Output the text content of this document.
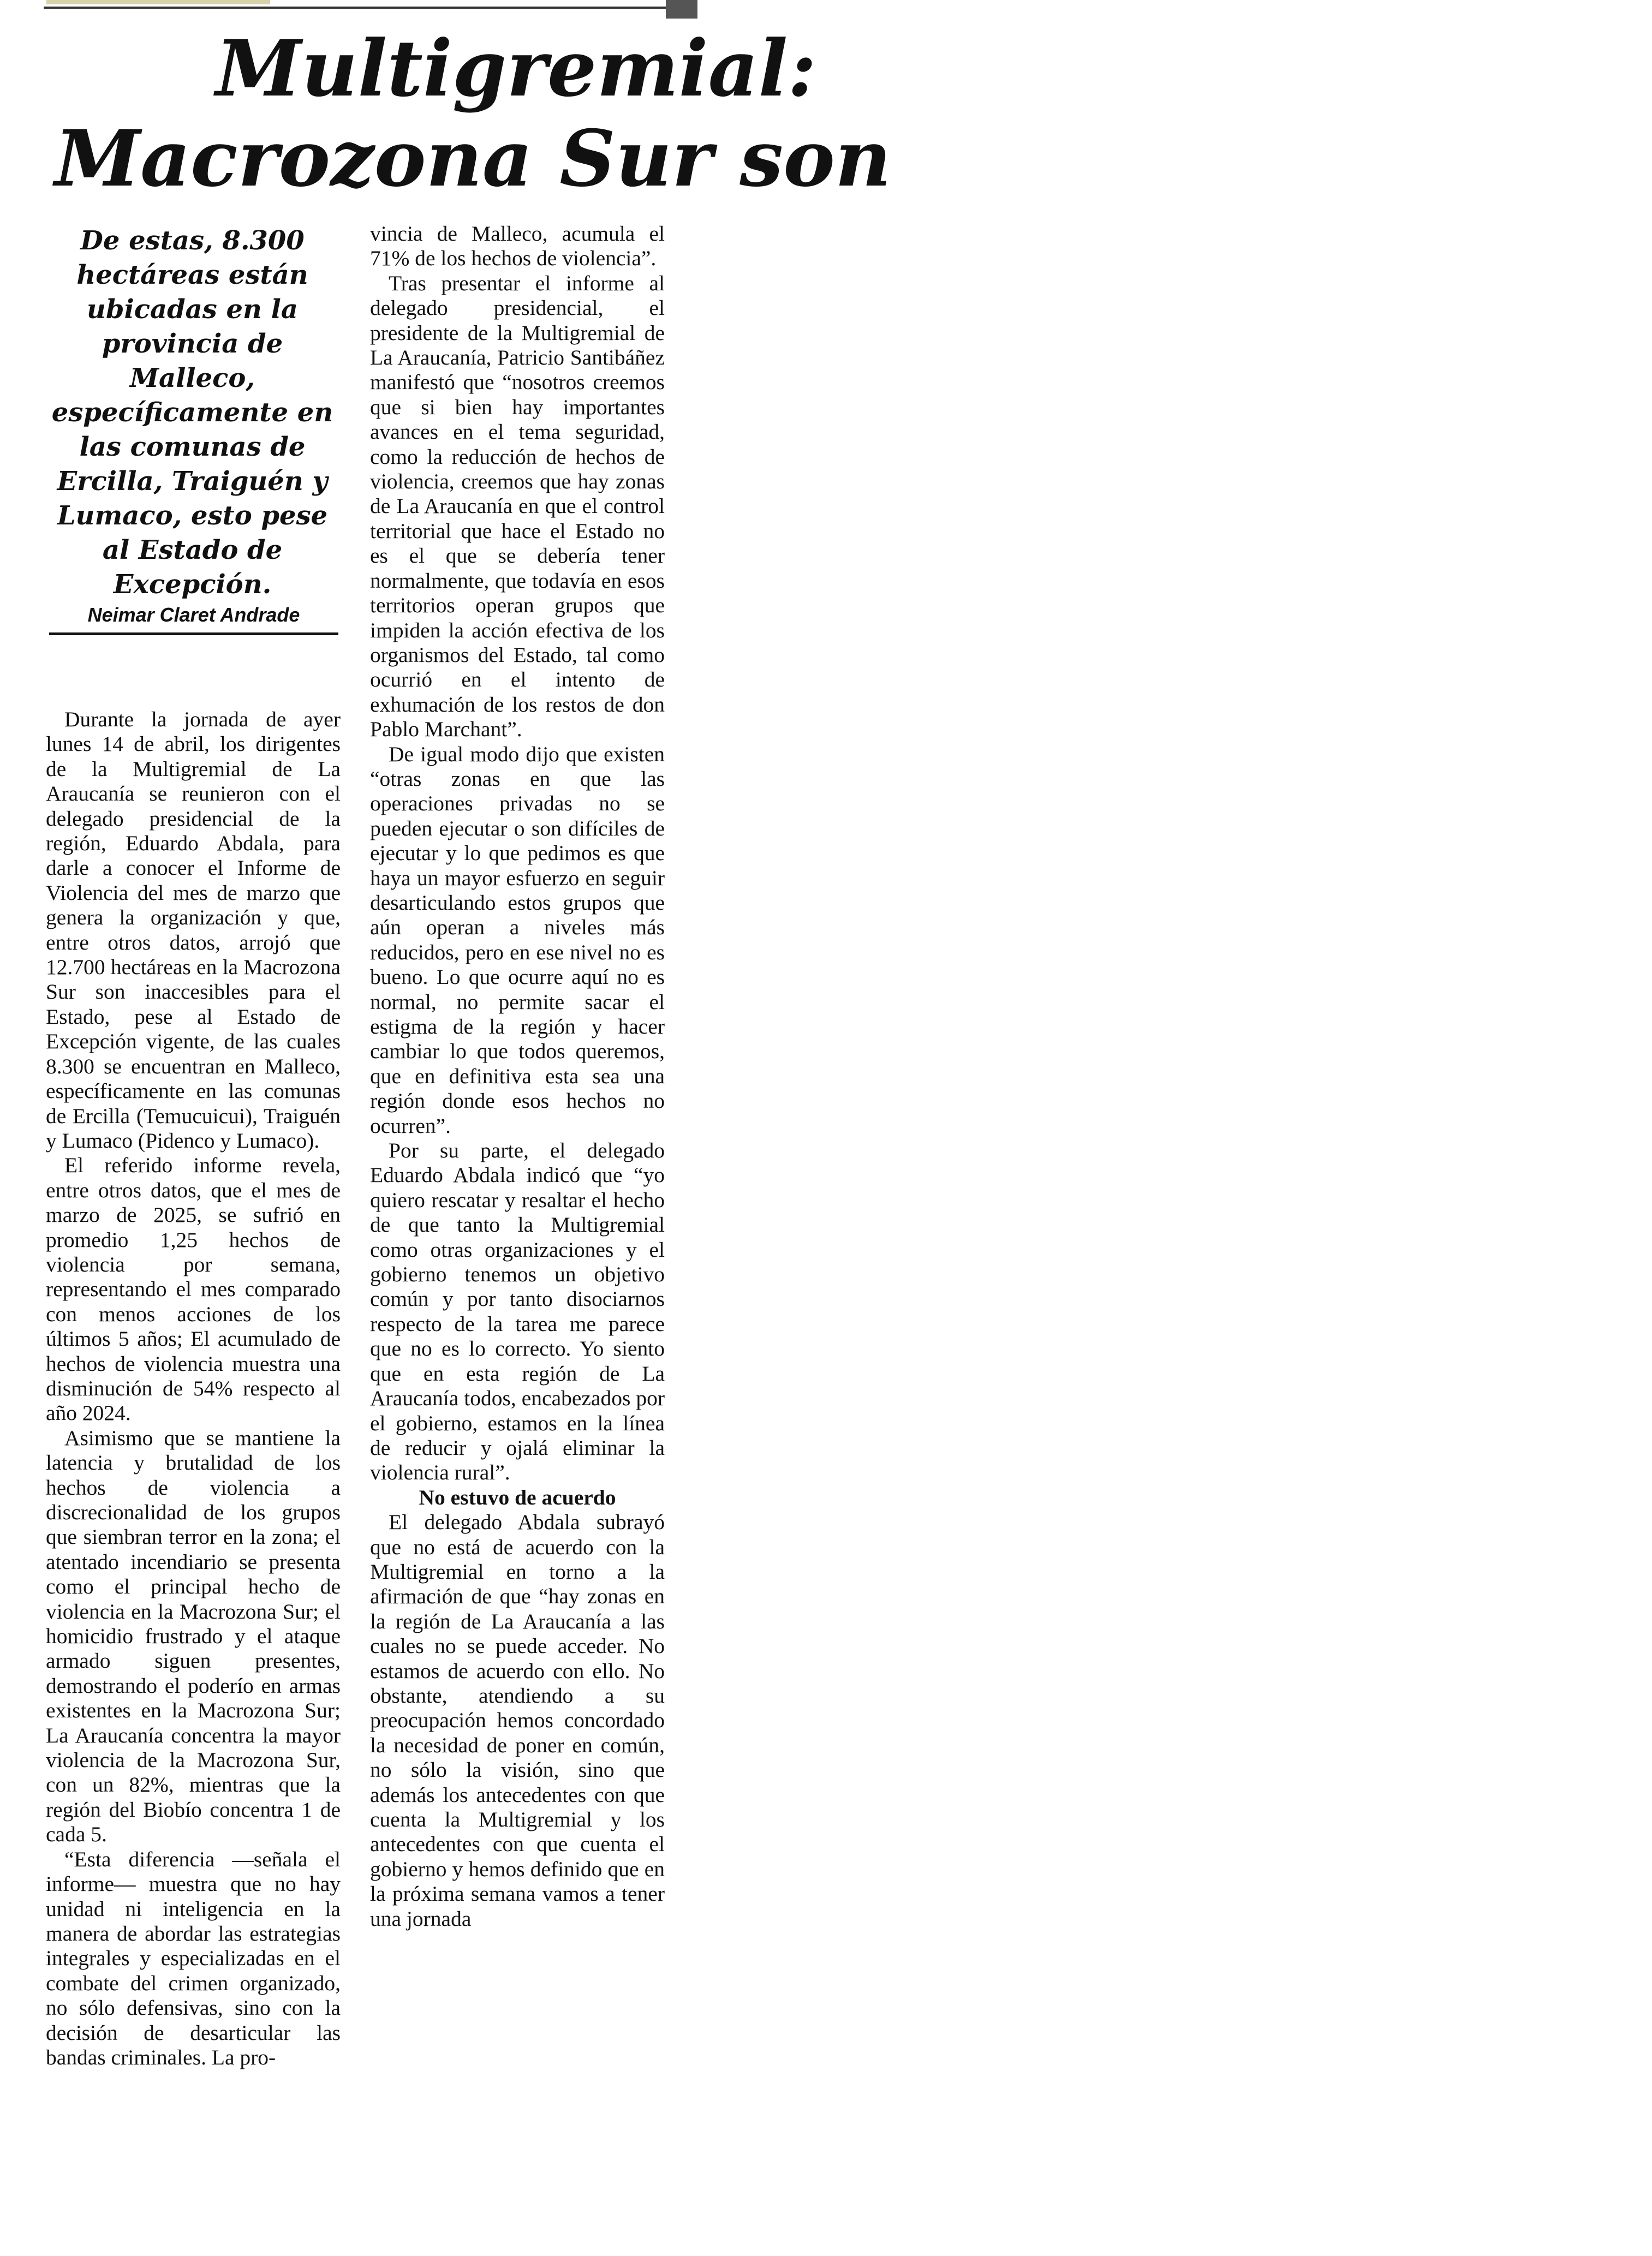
Multigremial:
Macrozona Sur son

De estas, 8.300 hectáreas están ubicadas en la provincia de Malleco, específicamente en las comunas de Ercilla, Traiguén y Lumaco, esto pese al Estado de Excepción.

Neimar Claret Andrade

Durante la jornada de ayer lunes 14 de abril, los dirigentes de la Multigremial de La Araucanía se reunieron con el delegado presidencial de la región, Eduardo Abdala, para darle a conocer el Informe de Violencia del mes de marzo que genera la organización y que, entre otros datos, arrojó que 12.700 hectáreas en la Macrozona Sur son inaccesibles para el Estado, pese al Estado de Excepción vigente, de las cuales 8.300 se encuentran en Malleco, específicamente en las comunas de Ercilla (Temucuicui), Traiguén y Lumaco (Pidenco y Lumaco).

El referido informe revela, entre otros datos, que el mes de marzo de 2025, se sufrió en promedio 1,25 hechos de violencia por semana, representando el mes comparado con menos acciones de los últimos 5 años; El acumulado de hechos de violencia muestra una disminución de 54% respecto al año 2024.

Asimismo que se mantiene la latencia y brutalidad de los hechos de violencia a discrecionalidad de los grupos que siembran terror en la zona; el atentado incendiario se presenta como el principal hecho de violencia en la Macrozona Sur; el homicidio frustrado y el ataque armado siguen presentes, demostrando el poderío en armas existentes en la Macrozona Sur; La Araucanía concentra la mayor violencia de la Macrozona Sur, con un 82%, mientras que la región del Biobío concentra 1 de cada 5.

“Esta diferencia —señala el informe— muestra que no hay unidad ni inteligencia en la manera de abordar las estrategias integrales y especializadas en el combate del crimen organizado, no sólo defensivas, sino con la decisión de desarticular las bandas criminales. La pro-

vincia de Malleco, acumula el 71% de los hechos de violencia”.

Tras presentar el informe al delegado presidencial, el presidente de la Multigremial de La Araucanía, Patricio Santibáñez manifestó que “nosotros creemos que si bien hay importantes avances en el tema seguridad, como la reducción de hechos de violencia, creemos que hay zonas de La Araucanía en que el control territorial que hace el Estado no es el que se debería tener normalmente, que todavía en esos territorios operan grupos que impiden la acción efectiva de los organismos del Estado, tal como ocurrió en el intento de exhumación de los restos de don Pablo Marchant”.

De igual modo dijo que existen “otras zonas en que las operaciones privadas no se pueden ejecutar o son difíciles de ejecutar y lo que pedimos es que haya un mayor esfuerzo en seguir desarticulando estos grupos que aún operan a niveles más reducidos, pero en ese nivel no es bueno. Lo que ocurre aquí no es normal, no permite sacar el estigma de la región y hacer cambiar lo que todos queremos, que en definitiva esta sea una región donde esos hechos no ocurren”.

Por su parte, el delegado Eduardo Abdala indicó que “yo quiero rescatar y resaltar el hecho de que tanto la Multigremial como otras organizaciones y el gobierno tenemos un objetivo común y por tanto disociarnos respecto de la tarea me parece que no es lo correcto. Yo siento que en esta región de La Araucanía todos, encabezados por el gobierno, estamos en la línea de reducir y ojalá eliminar la violencia rural”.

No estuvo de acuerdo

El delegado Abdala subrayó que no está de acuerdo con la Multigremial en torno a la afirmación de que “hay zonas en la región de La Araucanía a las cuales no se puede acceder. No estamos de acuerdo con ello. No obstante, atendiendo a su preocupación hemos concordado la necesidad de poner en común, no sólo la visión, sino que además los antecedentes con que cuenta la Multigremial y los antecedentes con que cuenta el gobierno y hemos definido que en la próxima semana vamos a tener una jornada
